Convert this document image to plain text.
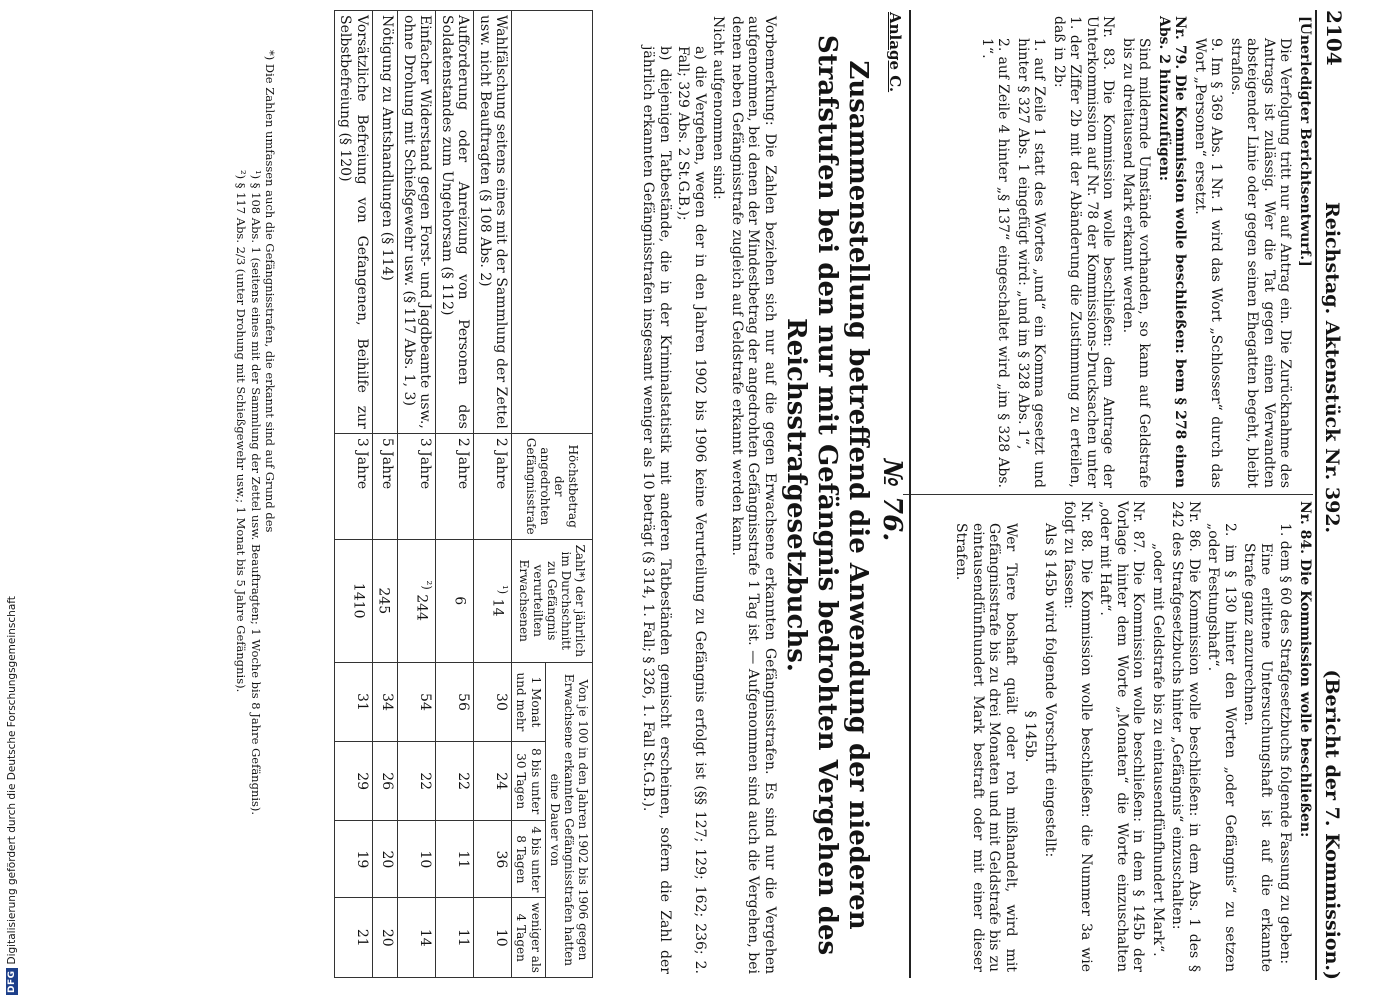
DFG
Digitalisierung gefördert durch die Deutsche Forschungsgemeinschaft
2104
Reichstag. Aktenstück Nr. 392.
(Bericht der 7. Kommission.)

[Unerledigter Berichtsentwurf.]

Die Verfolgung tritt nur auf Antrag ein. Die Zurücknahme des Antrags ist zulässig. Wer die Tat gegen einen Verwandten absteigender Linie oder gegen seinen Ehegatten begeht, bleibt straflos.

9. Im § 369 Abs. 1 Nr. 1 wird das Wort „Schlosser“ durch das Wort „Personen“ ersetzt.

Nr. 79. Die Kommission wolle beschließen: bem § 278 einen Abs. 2 hinzuzufügen:

Sind mildernde Umstände vorhanden, so kann auf Geldstrafe bis zu dreitausend Mark erkannt werden.

Nr. 83. Die Kommission wolle beschließen: dem Antrage der Unterkommission auf Nr. 78 der Kommissions-Drucksachen unter 1. der Ziffer 2b mit der Abänderung die Zustimmung zu erteilen, daß in 2b:

1. auf Zeile 1 statt des Wortes „und“ ein Komma gesetzt und hinter § 327 Abs. 1 eingefügt wird: „und im § 328 Abs. 1“,

2. auf Zeile 4 hinter „§ 137“ eingeschaltet wird „im § 328 Abs. 1“.

Nr. 84. Die Kommission wolle beschließen:

1. dem § 60 des Strafgesetzbuchs folgende Fassung zu geben:

Eine erlittene Untersuchungshaft ist auf die erkannte Strafe ganz anzurechnen.

2. im § 130 hinter den Worten „oder Gefängnis“ zu setzen „oder Festungshaft“.

Nr. 86. Die Kommission wolle beschließen: in dem Abs. 1 des § 242 des Strafgesetzbuchs hinter „Gefängnis“ einzuschalten:

„oder mit Geldstrafe bis zu eintausendfünfhundert Mark“.

Nr. 87. Die Kommission wolle beschließen: in dem § 145b der Vorlage hinter dem Worte „Monaten“ die Worte einzuschalten „oder mit Haft“.

Nr. 88. Die Kommission wolle beschließen: die Nummer 3a wie folgt zu fassen:

Als § 145b wird folgende Vorschrift eingestellt:

§ 145b.

Wer Tiere boshaft quält oder roh mißhandelt, wird mit Gefängnisstrafe bis zu drei Monaten und mit Geldstrafe bis zu eintausendfünfhundert Mark bestraft oder mit einer dieser Strafen.

Anlage C.
№ 76.
Zusammenstellung betreffend die Anwendung der niederen Strafstufen bei den nur mit Gefängnis bedrohten Vergehen des Reichsstrafgesetzbuchs.

Vorbemerkung: Die Zahlen beziehen sich nur auf die gegen Erwachsene erkannten Gefängnisstrafen. Es sind nur die Vergehen aufgenommen, bei denen der Mindestbetrag der angedrohten Gefängnisstrafe 1 Tag ist. — Aufgenommen sind auch die Vergehen, bei denen neben Gefängnisstrafe zugleich auf Geldstrafe erkannt werden kann.

Nicht aufgenommen sind:

a) die Vergehen, wegen der in den Jahren 1902 bis 1906 keine Verurteilung zu Gefängnis erfolgt ist (§§ 127; 129; 162; 236; 2. Fall; 329 Abs. 2 St.G.B.);

b) diejenigen Tatbestände, die in der Kriminalstatistik mit anderen Tatbeständen gemischt erscheinen, sofern die Zahl der jährlich erkannten Gefängnisstrafen insgesamt weniger als 10 beträgt (§ 314, 1. Fall; § 326, 1. Fall St.G.B.).

	Höchstbetrag der angedrohten Gefängnisstrafe	Zahl*) der jährlich im Durchschnitt zu Gefängnis verurteilten Erwachsenen	Von je 100 in den Jahren 1902 bis 1906 gegen Erwachsene erkannten Gefängnisstrafen hatten eine Dauer von			
			1 Monat und mehr	8 bis unter 30 Tagen	4 bis unter 8 Tagen	weniger als 4 Tagen
Wahlfälschung seitens eines mit der Sammlung der Zettel usw. nicht Beauftragten (§ 108 Abs. 2)	2 Jahre	$^{^1)}$ 14	30	24	36	10
Aufforderung oder Anreizung von Personen des Soldatenstandes zum Ungehorsam (§ 112)	2 Jahre	6	56	22	11	11
Einfacher Widerstand gegen Forst- und Jagdbeamte usw., ohne Drohung mit Schießgewehr usw. (§ 117 Abs. 1, 3)	3 Jahre	$^{^2)}$ 244	54	22	10	14
Nötigung zu Amtshandlungen (§ 114)	5 Jahre	245	34	26	20	20
Vorsätzliche Befreiung von Gefangenen, Beihilfe zur Selbstbefreiung (§ 120)	3 Jahre	1410	31	29	19	21

*) Die Zahlen umfassen auch die Gefängnisstrafen, die erkannt sind auf Grund des

¹) § 108 Abs. 1 (seitens eines mit der Sammlung der Zettel usw. Beauftragten; 1 Woche bis 8 Jahre Gefängnis).

²) § 117 Abs. 2/3 (unter Drohung mit Schießgewehr usw.; 1 Monat bis 5 Jahre Gefängnis).
